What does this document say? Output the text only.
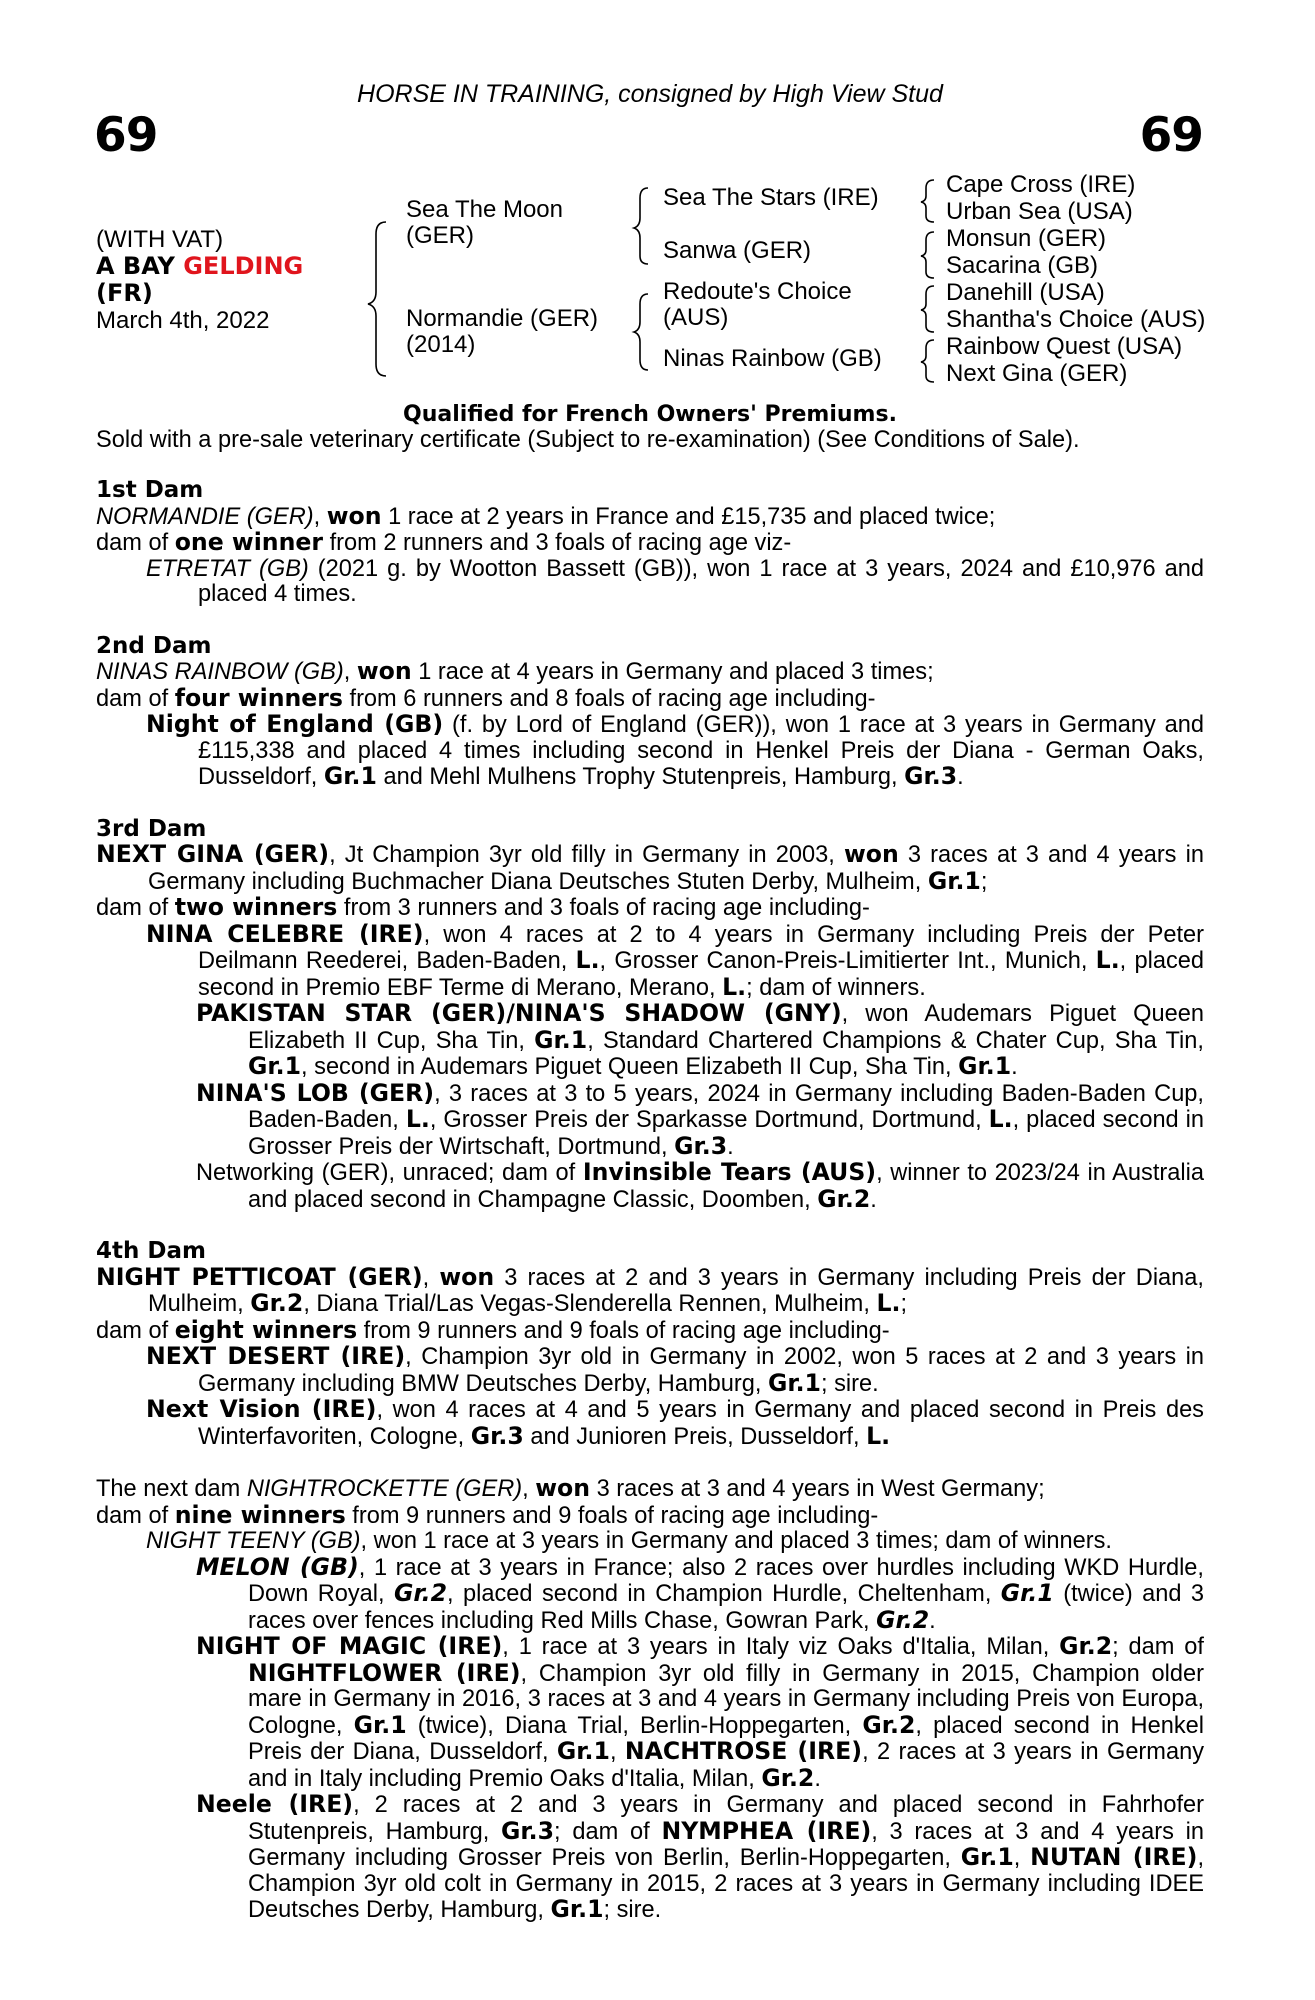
HORSE IN TRAINING, consigned by High View Stud
69	69
(WITH VAT)
A BAY GELDING
(FR)
March 4th, 2022
Sea The Moon
(GER)
Normandie (GER)
(2014)
Sea The Stars (IRE)
Sanwa (GER)
Redoute's Choice
(AUS)
Ninas Rainbow (GB)
Cape Cross (IRE)
Urban Sea (USA)
Monsun (GER)
Sacarina (GB)
Danehill (USA)
Shantha's Choice (AUS)
Rainbow Quest (USA)
Next Gina (GER)
Qualified for French Owners' Premiums.
Sold with a pre-sale veterinary certificate (Subject to re-examination) (See Conditions of Sale).

1st Dam

NORMANDIE (GER), won 1 race at 2 years in France and £15,735 and placed twice;

dam of one winner from 2 runners and 3 foals of racing age viz-

ETRETAT (GB) (2021 g. by Wootton Bassett (GB)), won 1 race at 3 years, 2024 and £10,976 and placed 4 times.

2nd Dam

NINAS RAINBOW (GB), won 1 race at 4 years in Germany and placed 3 times;

dam of four winners from 6 runners and 8 foals of racing age including-

Night of England (GB) (f. by Lord of England (GER)), won 1 race at 3 years in Germany and £115,338 and placed 4 times including second in Henkel Preis der Diana - German Oaks, Dusseldorf, Gr.1 and Mehl Mulhens Trophy Stutenpreis, Hamburg, Gr.3.

3rd Dam

NEXT GINA (GER), Jt Champion 3yr old filly in Germany in 2003, won 3 races at 3 and 4 years in Germany including Buchmacher Diana Deutsches Stuten Derby, Mulheim, Gr.1;

dam of two winners from 3 runners and 3 foals of racing age including-

NINA CELEBRE (IRE), won 4 races at 2 to 4 years in Germany including Preis der Peter Deilmann Reederei, Baden-Baden, L., Grosser Canon-Preis-Limitierter Int., Munich, L., placed second in Premio EBF Terme di Merano, Merano, L.; dam of winners.

PAKISTAN STAR (GER)/NINA'S SHADOW (GNY), won Audemars Piguet Queen Elizabeth II Cup, Sha Tin, Gr.1, Standard Chartered Champions & Chater Cup, Sha Tin, Gr.1, second in Audemars Piguet Queen Elizabeth II Cup, Sha Tin, Gr.1.

NINA'S LOB (GER), 3 races at 3 to 5 years, 2024 in Germany including Baden-Baden Cup, Baden-Baden, L., Grosser Preis der Sparkasse Dortmund, Dortmund, L., placed second in Grosser Preis der Wirtschaft, Dortmund, Gr.3.

Networking (GER), unraced; dam of Invinsible Tears (AUS), winner to 2023/24 in Australia and placed second in Champagne Classic, Doomben, Gr.2.

4th Dam

NIGHT PETTICOAT (GER), won 3 races at 2 and 3 years in Germany including Preis der Diana, Mulheim, Gr.2, Diana Trial/Las Vegas-Slenderella Rennen, Mulheim, L.;

dam of eight winners from 9 runners and 9 foals of racing age including-

NEXT DESERT (IRE), Champion 3yr old in Germany in 2002, won 5 races at 2 and 3 years in Germany including BMW Deutsches Derby, Hamburg, Gr.1; sire.

Next Vision (IRE), won 4 races at 4 and 5 years in Germany and placed second in Preis des Winterfavoriten, Cologne, Gr.3 and Junioren Preis, Dusseldorf, L.

The next dam NIGHTROCKETTE (GER), won 3 races at 3 and 4 years in West Germany;

dam of nine winners from 9 runners and 9 foals of racing age including-

NIGHT TEENY (GB), won 1 race at 3 years in Germany and placed 3 times; dam of winners.

MELON (GB), 1 race at 3 years in France; also 2 races over hurdles including WKD Hurdle, Down Royal, Gr.2, placed second in Champion Hurdle, Cheltenham, Gr.1 (twice) and 3 races over fences including Red Mills Chase, Gowran Park, Gr.2.

NIGHT OF MAGIC (IRE), 1 race at 3 years in Italy viz Oaks d'Italia, Milan, Gr.2; dam of NIGHTFLOWER (IRE), Champion 3yr old filly in Germany in 2015, Champion older mare in Germany in 2016, 3 races at 3 and 4 years in Germany including Preis von Europa, Cologne, Gr.1 (twice), Diana Trial, Berlin-Hoppegarten, Gr.2, placed second in Henkel Preis der Diana, Dusseldorf, Gr.1, NACHTROSE (IRE), 2 races at 3 years in Germany and in Italy including Premio Oaks d'Italia, Milan, Gr.2.

Neele (IRE), 2 races at 2 and 3 years in Germany and placed second in Fahrhofer Stutenpreis, Hamburg, Gr.3; dam of NYMPHEA (IRE), 3 races at 3 and 4 years in Germany including Grosser Preis von Berlin, Berlin-Hoppegarten, Gr.1, NUTAN (IRE), Champion 3yr old colt in Germany in 2015, 2 races at 3 years in Germany including IDEE Deutsches Derby, Hamburg, Gr.1; sire.
